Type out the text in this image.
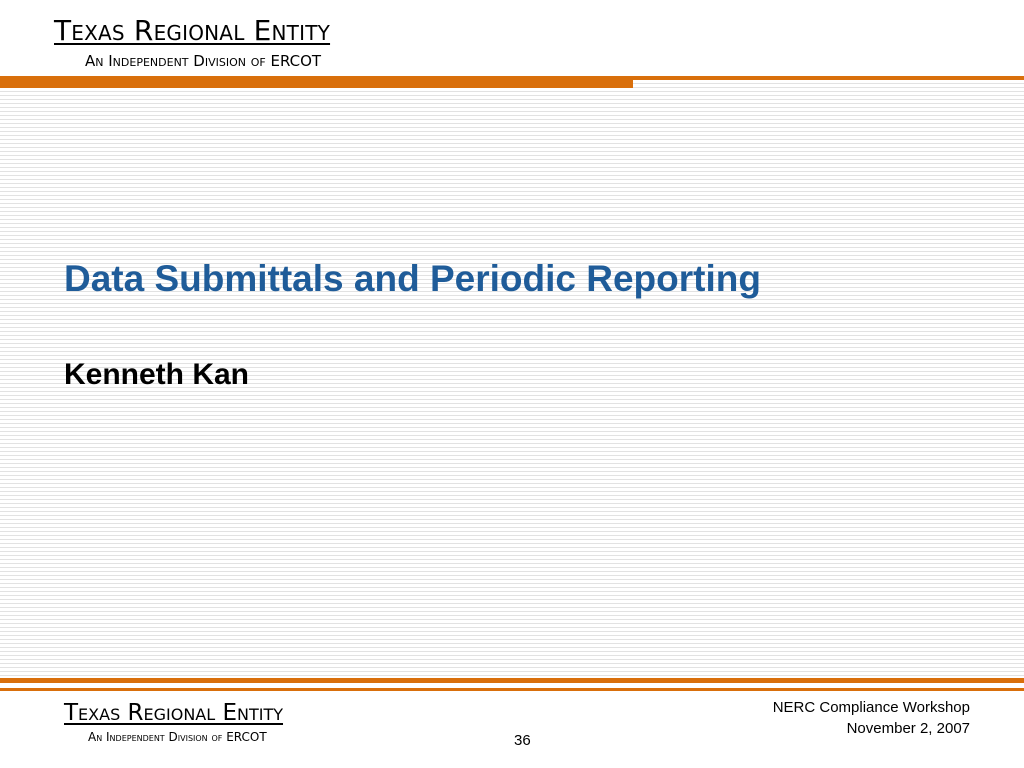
Texas Regional Entity
An Independent Division of ERCOT
Data Submittals and Periodic Reporting
Kenneth Kan
Texas Regional Entity
An Independent Division of ERCOT	36
NERC Compliance Workshop
November 2, 2007
